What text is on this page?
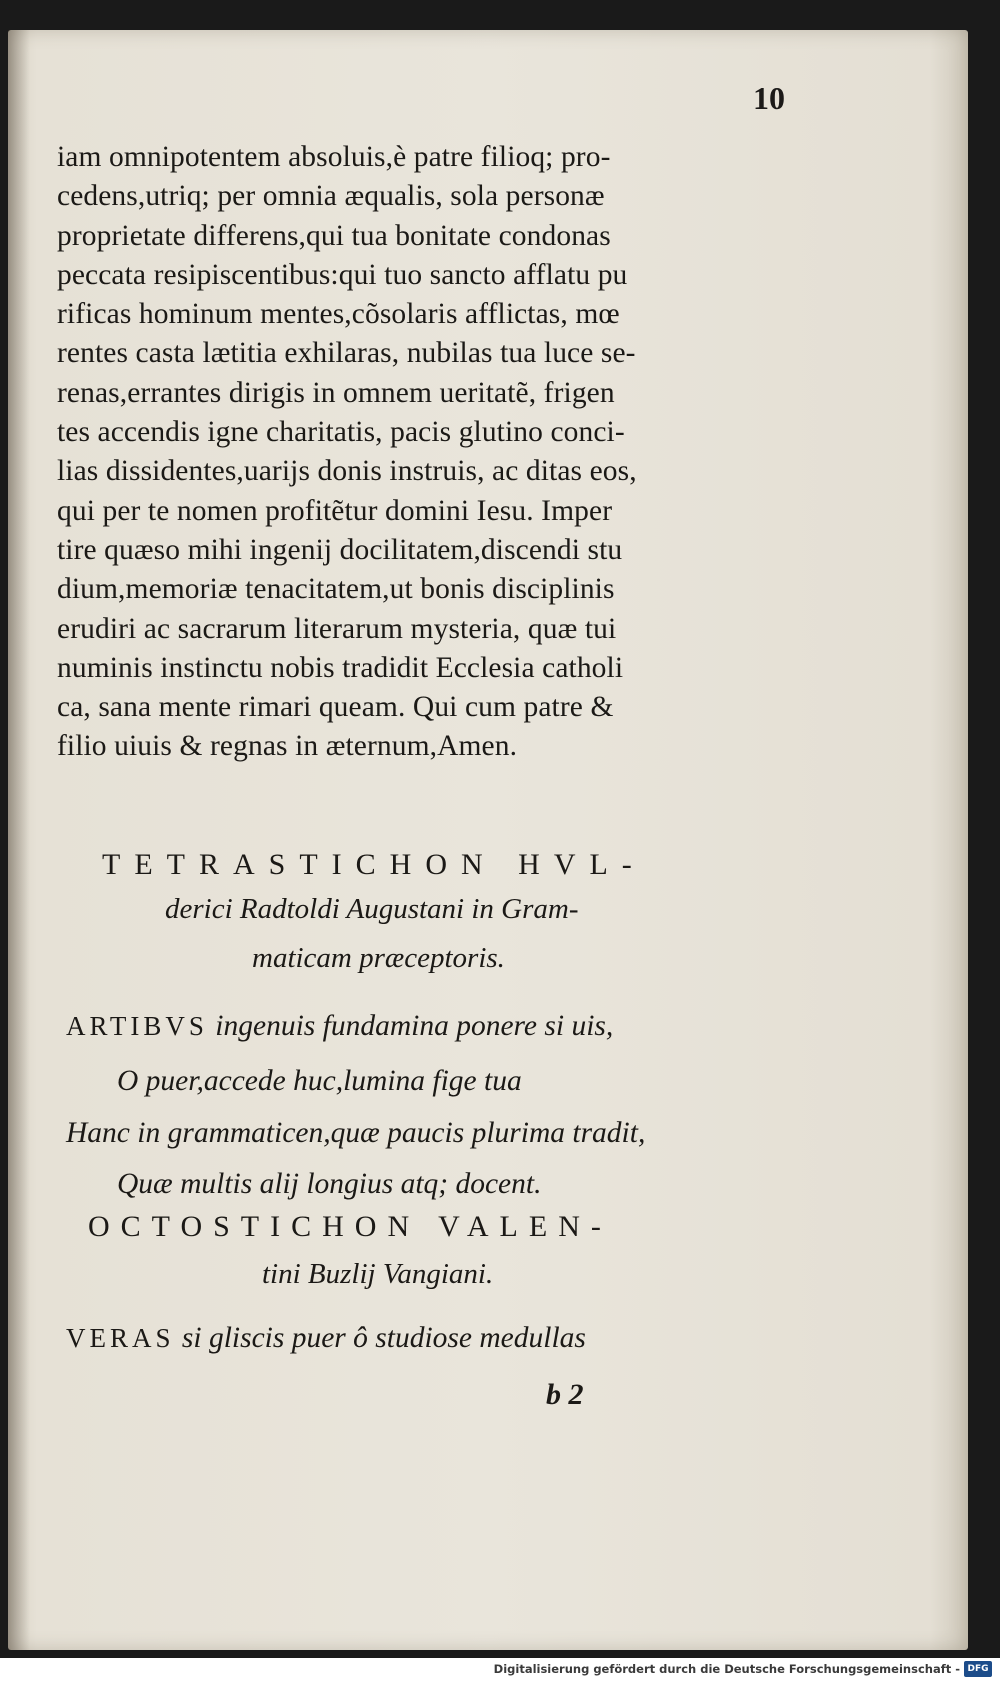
10
iam omnipotentem absoluis,è patre filioq; pro-
cedens,utriq; per omnia æqualis, sola personæ
proprietate differens,qui tua bonitate condonas
peccata resipiscentibus:qui tuo sancto afflatu pu
rificas hominum mentes,cõsolaris afflictas, mœ
rentes casta lætitia exhilaras, nubilas tua luce se-
renas,errantes dirigis in omnem ueritatẽ, frigen
tes accendis igne charitatis, pacis glutino conci-
lias dissidentes,uarijs donis instruis, ac ditas eos,
qui per te nomen profitẽtur domini Iesu. Imper
tire quæso mihi ingenij docilitatem,discendi stu
dium,memoriæ tenacitatem,ut bonis disciplinis
erudiri ac sacrarum literarum mysteria, quæ tui
numinis instinctu nobis tradidit Ecclesia catholi
ca, sana mente rimari queam. Qui cum patre &
filio uiuis & regnas in æternum,Amen.
TETRASTICHON HVL-
derici Radtoldi Augustani in Gram-
maticam præceptoris.
ARTIBVS ingenuis fundamina ponere si uis,
O puer,accede huc,lumina fige tua
Hanc in grammaticen,quæ paucis plurima tradit,
Quæ multis alij longius atq; docent.
OCTOSTICHON VALEN-
tini Buzlij Vangiani.
VERAS si gliscis puer ô studiose medullas
b 2
Digitalisierung gefördert durch die Deutsche Forschungsgemeinschaft - DFG
